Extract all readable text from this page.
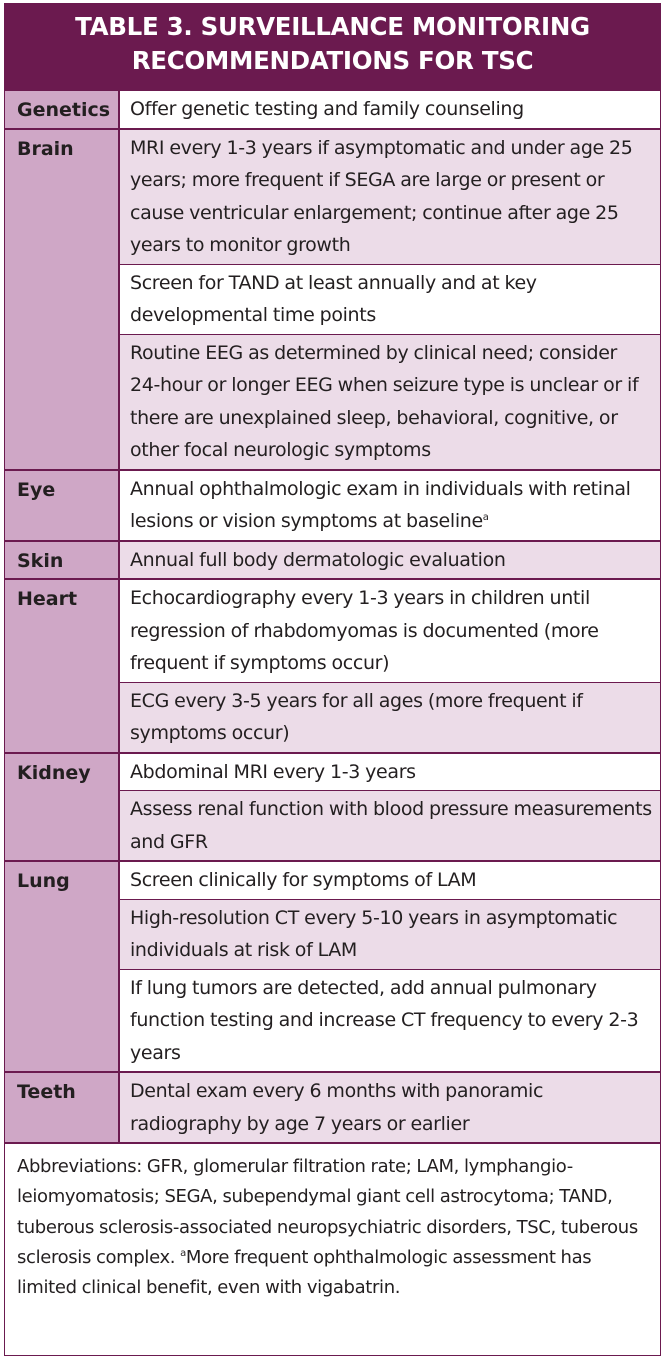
TABLE 3. SURVEILLANCE MONITORING
RECOMMENDATIONS FOR TSC
Genetics	Offer genetic testing and family counseling
Brain	MRI every 1-3 years if asymptomatic and under age 25 years; more frequent if SEGA are large or present or cause ventricular enlargement; continue after age 25 years to monitor growth
Screen for TAND at least annually and at key developmental time points
Routine EEG as determined by clinical need; consider 24-hour or longer EEG when seizure type is unclear or if there are unexplained sleep, behavioral, cognitive, or other focal neurologic symptoms
Eye	Annual ophthalmologic exam in individuals with retinal lesions or vision symptoms at baseline$^a$
Skin	Annual full body dermatologic evaluation
Heart	Echocardiography every 1-3 years in children until regression of rhabdomyomas is documented (more frequent if symptoms occur)
ECG every 3-5 years for all ages (more frequent if symptoms occur)
Kidney	Abdominal MRI every 1-3 years
Assess renal function with blood pressure measurements and GFR
Lung	Screen clinically for symptoms of LAM
High-resolution CT every 5-10 years in asymptomatic individuals at risk of LAM
If lung tumors are detected, add annual pulmonary function testing and increase CT frequency to every 2-3 years
Teeth	Dental exam every 6 months with panoramic radiography by age 7 years or earlier
Abbreviations: GFR, glomerular filtration rate; LAM, lymphangio-leiomyomatosis; SEGA, subependymal giant cell astrocytoma; TAND, tuberous sclerosis-associated neuropsychiatric disorders, TSC, tuberous sclerosis complex. $^a$More frequent ophthalmologic assessment has limited clinical benefit, even with vigabatrin.
